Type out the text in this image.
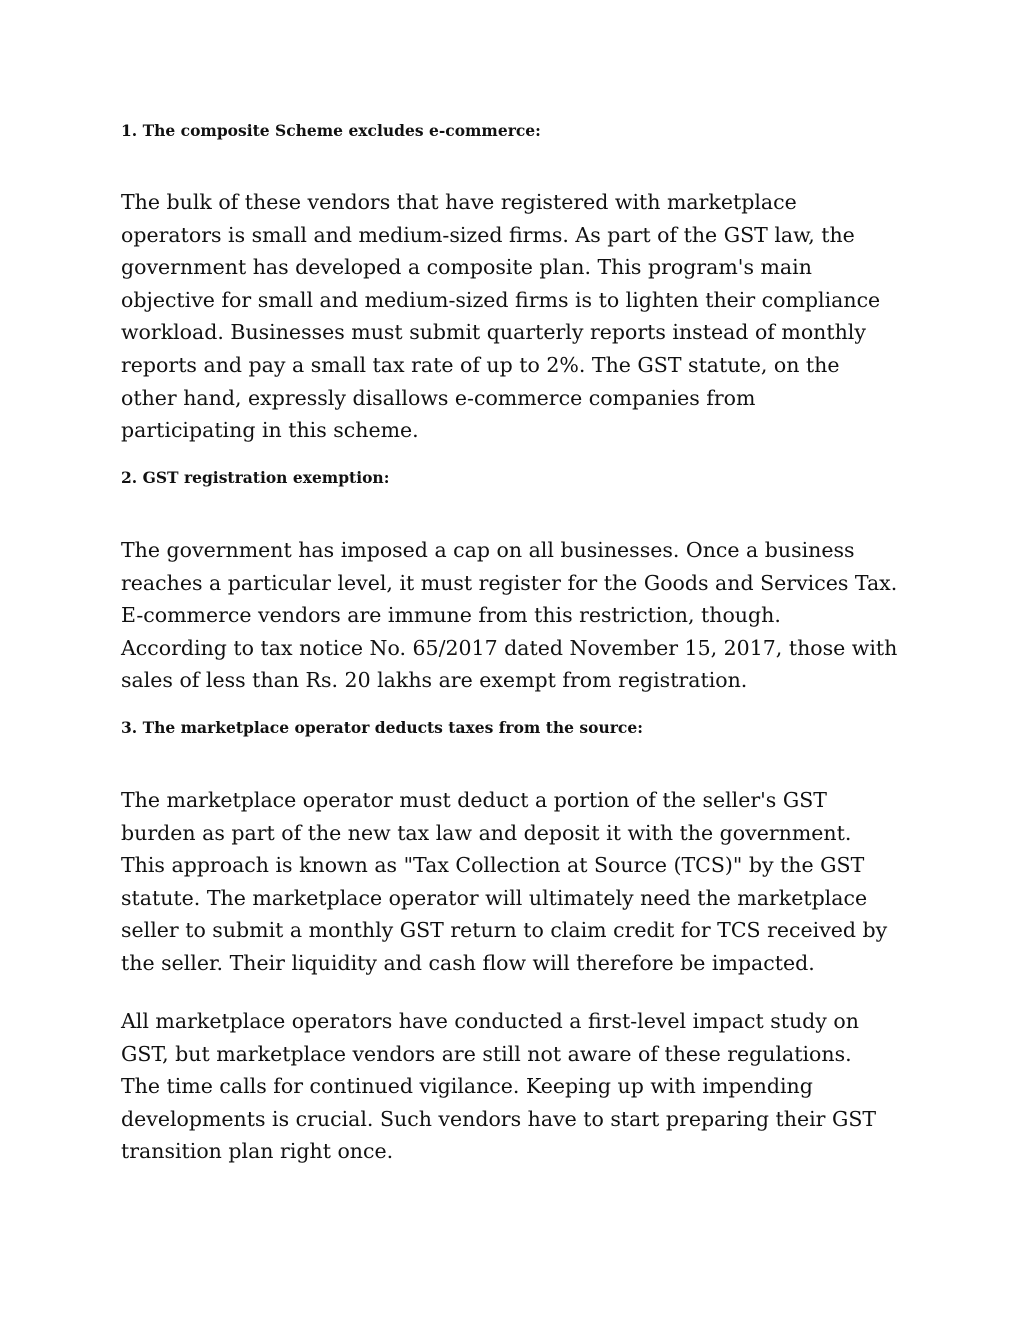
1. The composite Scheme excludes e-commerce:

The bulk of these vendors that have registered with marketplace
operators is small and medium-sized firms. As part of the GST law, the
government has developed a composite plan. This program's main
objective for small and medium-sized firms is to lighten their compliance
workload. Businesses must submit quarterly reports instead of monthly
reports and pay a small tax rate of up to 2%. The GST statute, on the
other hand, expressly disallows e-commerce companies from
participating in this scheme.

2. GST registration exemption:

The government has imposed a cap on all businesses. Once a business
reaches a particular level, it must register for the Goods and Services Tax.
E-commerce vendors are immune from this restriction, though.
According to tax notice No. 65/2017 dated November 15, 2017, those with
sales of less than Rs. 20 lakhs are exempt from registration.

3. The marketplace operator deducts taxes from the source:

The marketplace operator must deduct a portion of the seller's GST
burden as part of the new tax law and deposit it with the government.
This approach is known as "Tax Collection at Source (TCS)" by the GST
statute. The marketplace operator will ultimately need the marketplace
seller to submit a monthly GST return to claim credit for TCS received by
the seller. Their liquidity and cash flow will therefore be impacted.

All marketplace operators have conducted a first-level impact study on
GST, but marketplace vendors are still not aware of these regulations.
The time calls for continued vigilance. Keeping up with impending
developments is crucial. Such vendors have to start preparing their GST
transition plan right once.
